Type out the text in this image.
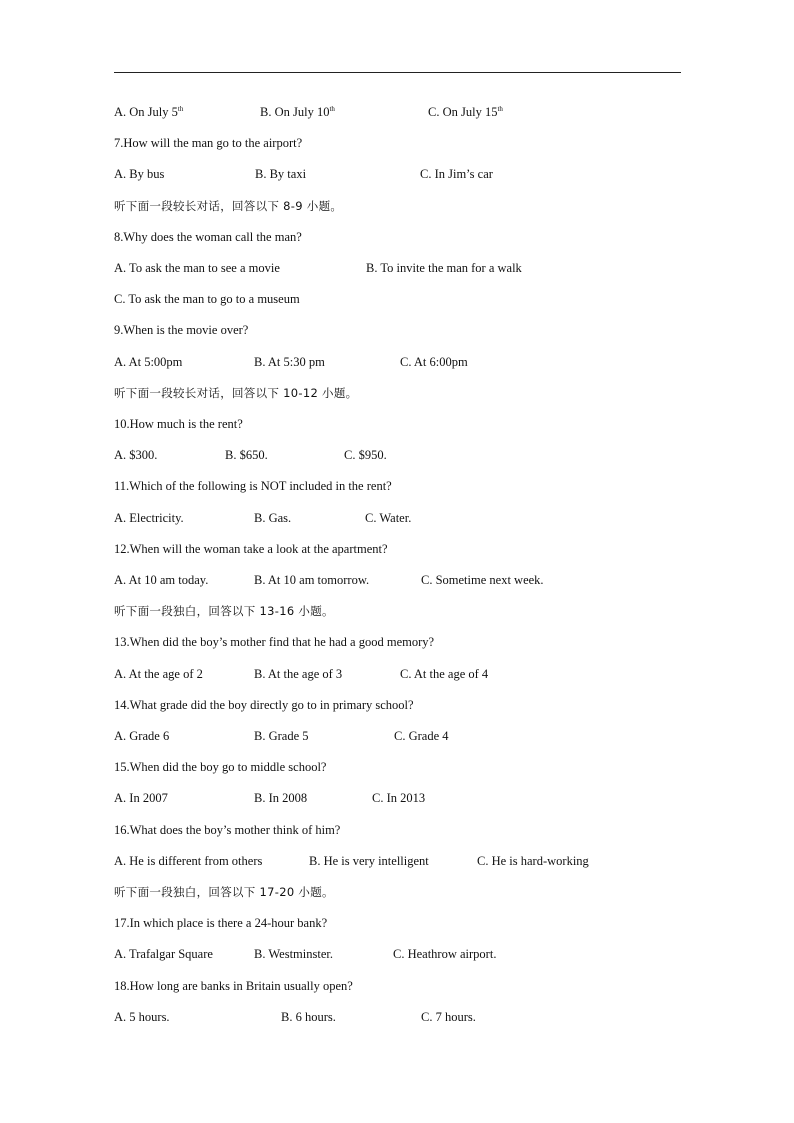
A. On July 5th	B. On July 10th	C. On July 15th
7.How will the man go to the airport?
A. By bus	B. By taxi	C. In Jim’s car
听下面一段较长对话，回答以下 8-9 小题。
8.Why does the woman call the man?
A. To ask the man to see a movie	B. To invite the man for a walk
C. To ask the man to go to a museum
9.When is the movie over?
A. At 5:00pm	B. At 5:30 pm	C. At 6:00pm
听下面一段较长对话，回答以下 10-12 小题。
10.How much is the rent?
A. $300.	B. $650.	C. $950.
11.Which of the following is NOT included in the rent?
A. Electricity.	B. Gas.	C. Water.
12.When will the woman take a look at the apartment?
A. At 10 am today.	B. At 10 am tomorrow.	C. Sometime next week.
听下面一段独白，回答以下 13-16 小题。
13.When did the boy’s mother find that he had a good memory?
A. At the age of 2	B. At the age of 3	C. At the age of 4
14.What grade did the boy directly go to in primary school?
A. Grade 6	B. Grade 5	C. Grade 4
15.When did the boy go to middle school?
A. In 2007	B. In 2008	C. In 2013
16.What does the boy’s mother think of him?
A. He is different from others	B. He is very intelligent	C. He is hard-working
听下面一段独白，回答以下 17-20 小题。
17.In which place is there a 24-hour bank?
A. Trafalgar Square	B. Westminster.	C. Heathrow airport.
18.How long are banks in Britain usually open?
A. 5 hours.	B. 6 hours.	C. 7 hours.
